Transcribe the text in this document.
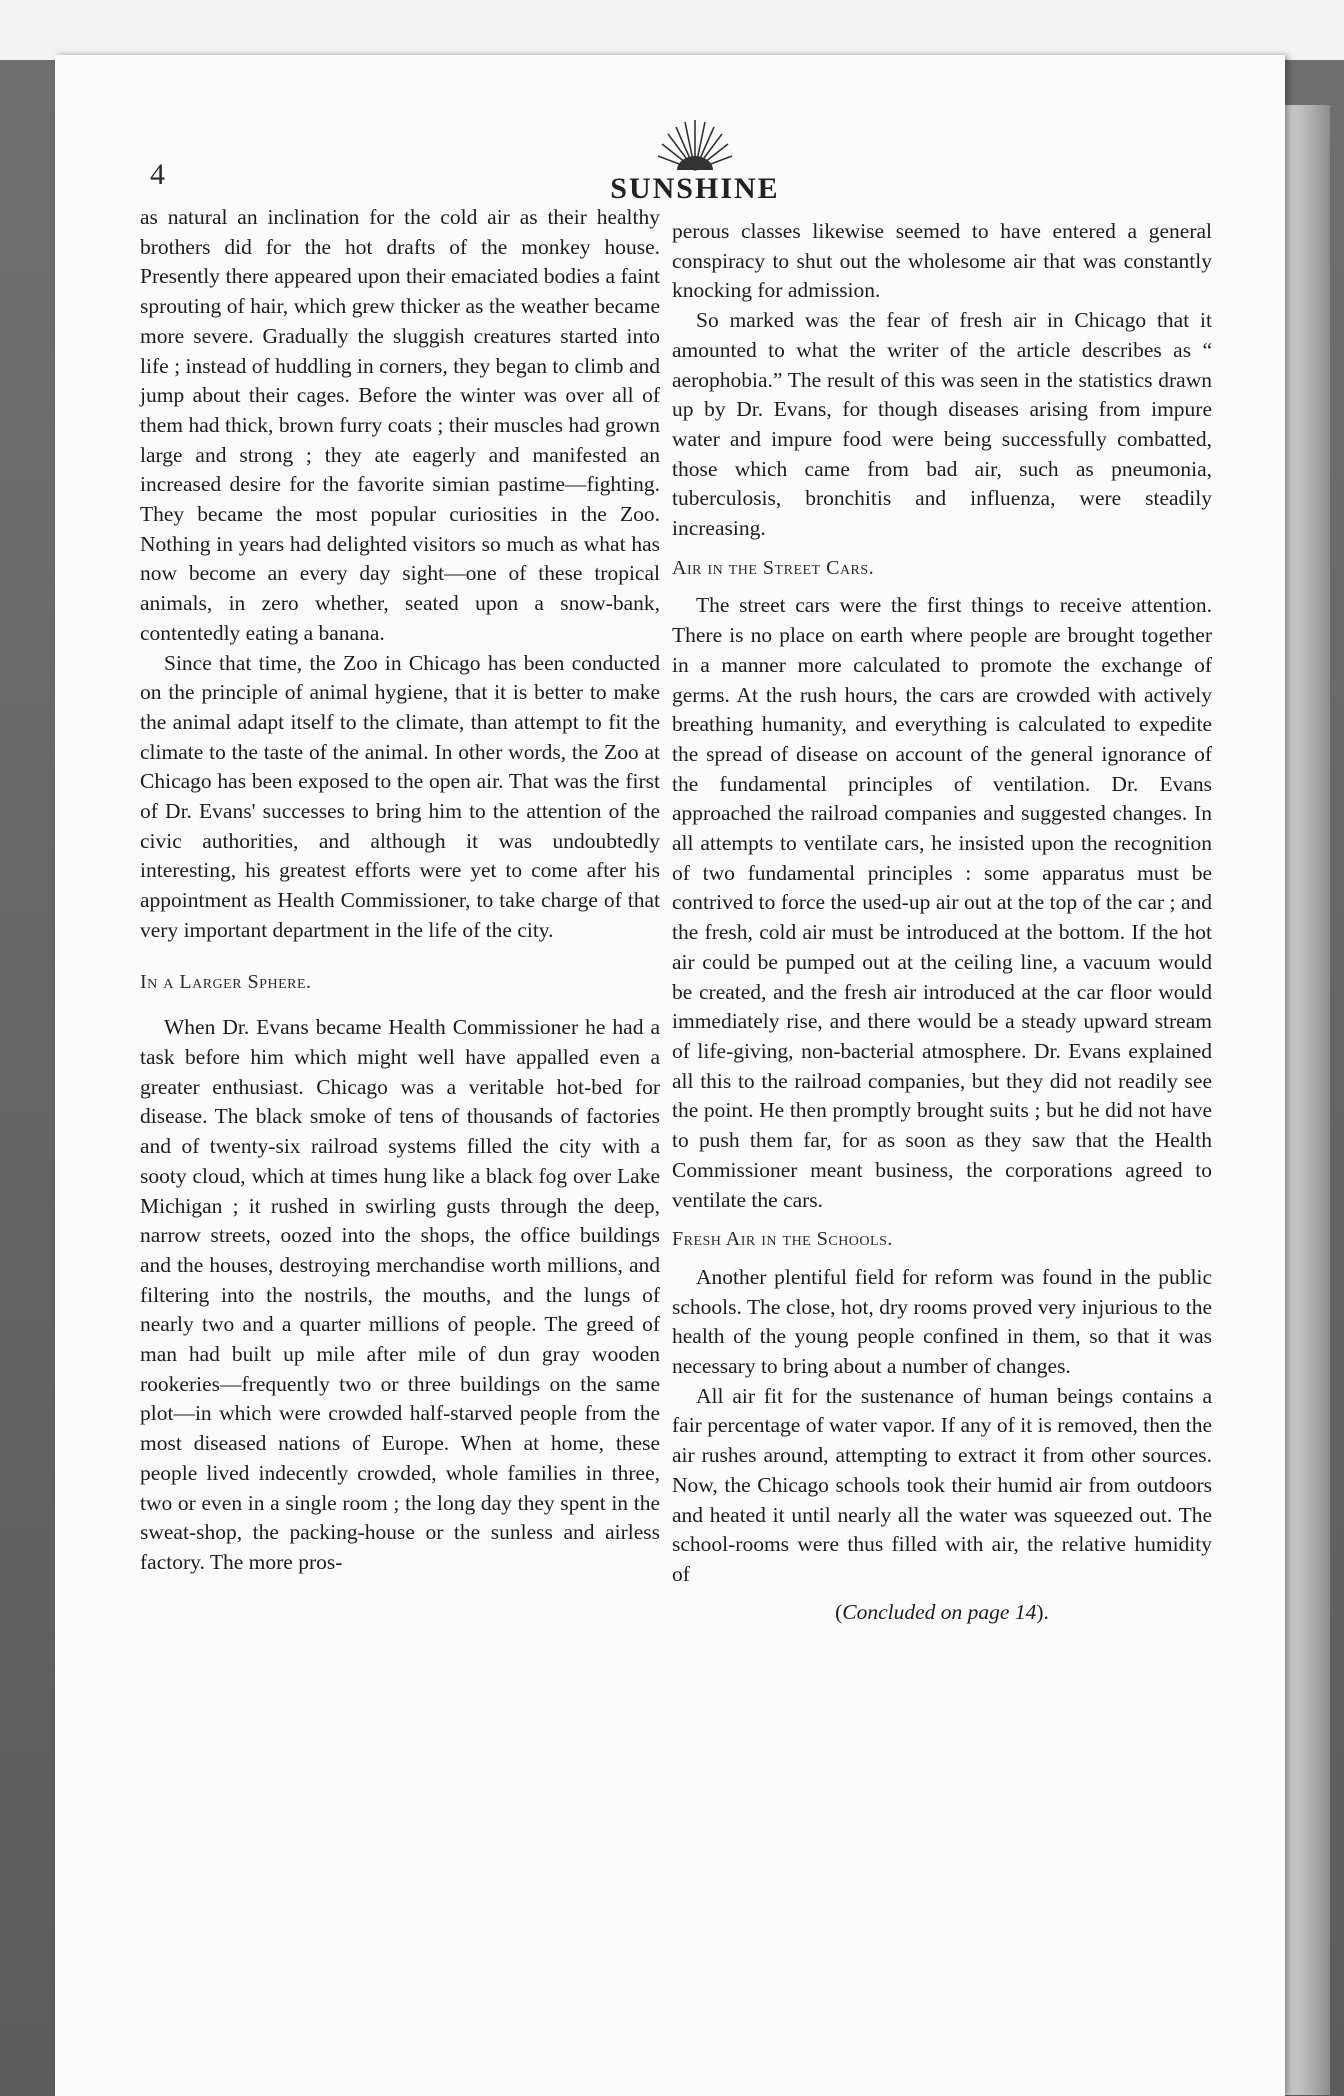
4	SUNSHINE

as natural an inclination for the cold air as their healthy brothers did for the hot drafts of the monkey house. Presently there appeared upon their emaciated bodies a faint sprouting of hair, which grew thicker as the weather became more severe. Gradually the sluggish creatures started into life ; instead of huddling in corners, they began to climb and jump about their cages. Before the winter was over all of them had thick, brown furry coats ; their muscles had grown large and strong ; they ate eagerly and manifested an increased desire for the favorite simian pastime—fighting. They became the most popular curiosities in the Zoo. Nothing in years had delighted visitors so much as what has now become an every day sight—one of these tropical animals, in zero whether, seated upon a snow-bank, contentedly eating a banana.

Since that time, the Zoo in Chicago has been conducted on the principle of animal hygiene, that it is better to make the animal adapt itself to the climate, than attempt to fit the climate to the taste of the animal. In other words, the Zoo at Chicago has been exposed to the open air. That was the first of Dr. Evans' successes to bring him to the attention of the civic authorities, and although it was undoubtedly interesting, his greatest efforts were yet to come after his appointment as Health Commissioner, to take charge of that very important department in the life of the city.

In a Larger Sphere.

When Dr. Evans became Health Commissioner he had a task before him which might well have appalled even a greater enthusiast. Chicago was a veritable hot-bed for disease. The black smoke of tens of thousands of factories and of twenty-six railroad systems filled the city with a sooty cloud, which at times hung like a black fog over Lake Michigan ; it rushed in swirling gusts through the deep, narrow streets, oozed into the shops, the office buildings and the houses, destroying merchandise worth millions, and filtering into the nostrils, the mouths, and the lungs of nearly two and a quarter millions of people. The greed of man had built up mile after mile of dun gray wooden rookeries—frequently two or three buildings on the same plot—in which were crowded half-starved people from the most diseased nations of Europe. When at home, these people lived indecently crowded, whole families in three, two or even in a single room ; the long day they spent in the sweat-shop, the packing-house or the sunless and airless factory. The more pros-

perous classes likewise seemed to have entered a general conspiracy to shut out the wholesome air that was constantly knocking for admission.

So marked was the fear of fresh air in Chicago that it amounted to what the writer of the article describes as “ aerophobia.” The result of this was seen in the statistics drawn up by Dr. Evans, for though diseases arising from impure water and impure food were being successfully combatted, those which came from bad air, such as pneumonia, tuberculosis, bronchitis and influenza, were steadily increasing.

Air in the Street Cars.

The street cars were the first things to receive attention. There is no place on earth where people are brought together in a manner more calculated to promote the exchange of germs. At the rush hours, the cars are crowded with actively breathing humanity, and everything is calculated to expedite the spread of disease on account of the general ignorance of the fundamental principles of ventilation. Dr. Evans approached the railroad companies and suggested changes. In all attempts to ventilate cars, he insisted upon the recognition of two fundamental principles : some apparatus must be contrived to force the used-up air out at the top of the car ; and the fresh, cold air must be introduced at the bottom. If the hot air could be pumped out at the ceiling line, a vacuum would be created, and the fresh air introduced at the car floor would immediately rise, and there would be a steady upward stream of life-giving, non-bacterial atmosphere. Dr. Evans explained all this to the railroad companies, but they did not readily see the point. He then promptly brought suits ; but he did not have to push them far, for as soon as they saw that the Health Commissioner meant business, the corporations agreed to ventilate the cars.

Fresh Air in the Schools.

Another plentiful field for reform was found in the public schools. The close, hot, dry rooms proved very injurious to the health of the young people confined in them, so that it was necessary to bring about a number of changes.

All air fit for the sustenance of human beings contains a fair percentage of water vapor. If any of it is removed, then the air rushes around, attempting to extract it from other sources. Now, the Chicago schools took their humid air from outdoors and heated it until nearly all the water was squeezed out. The school-rooms were thus filled with air, the relative humidity of

(Concluded on page 14).
